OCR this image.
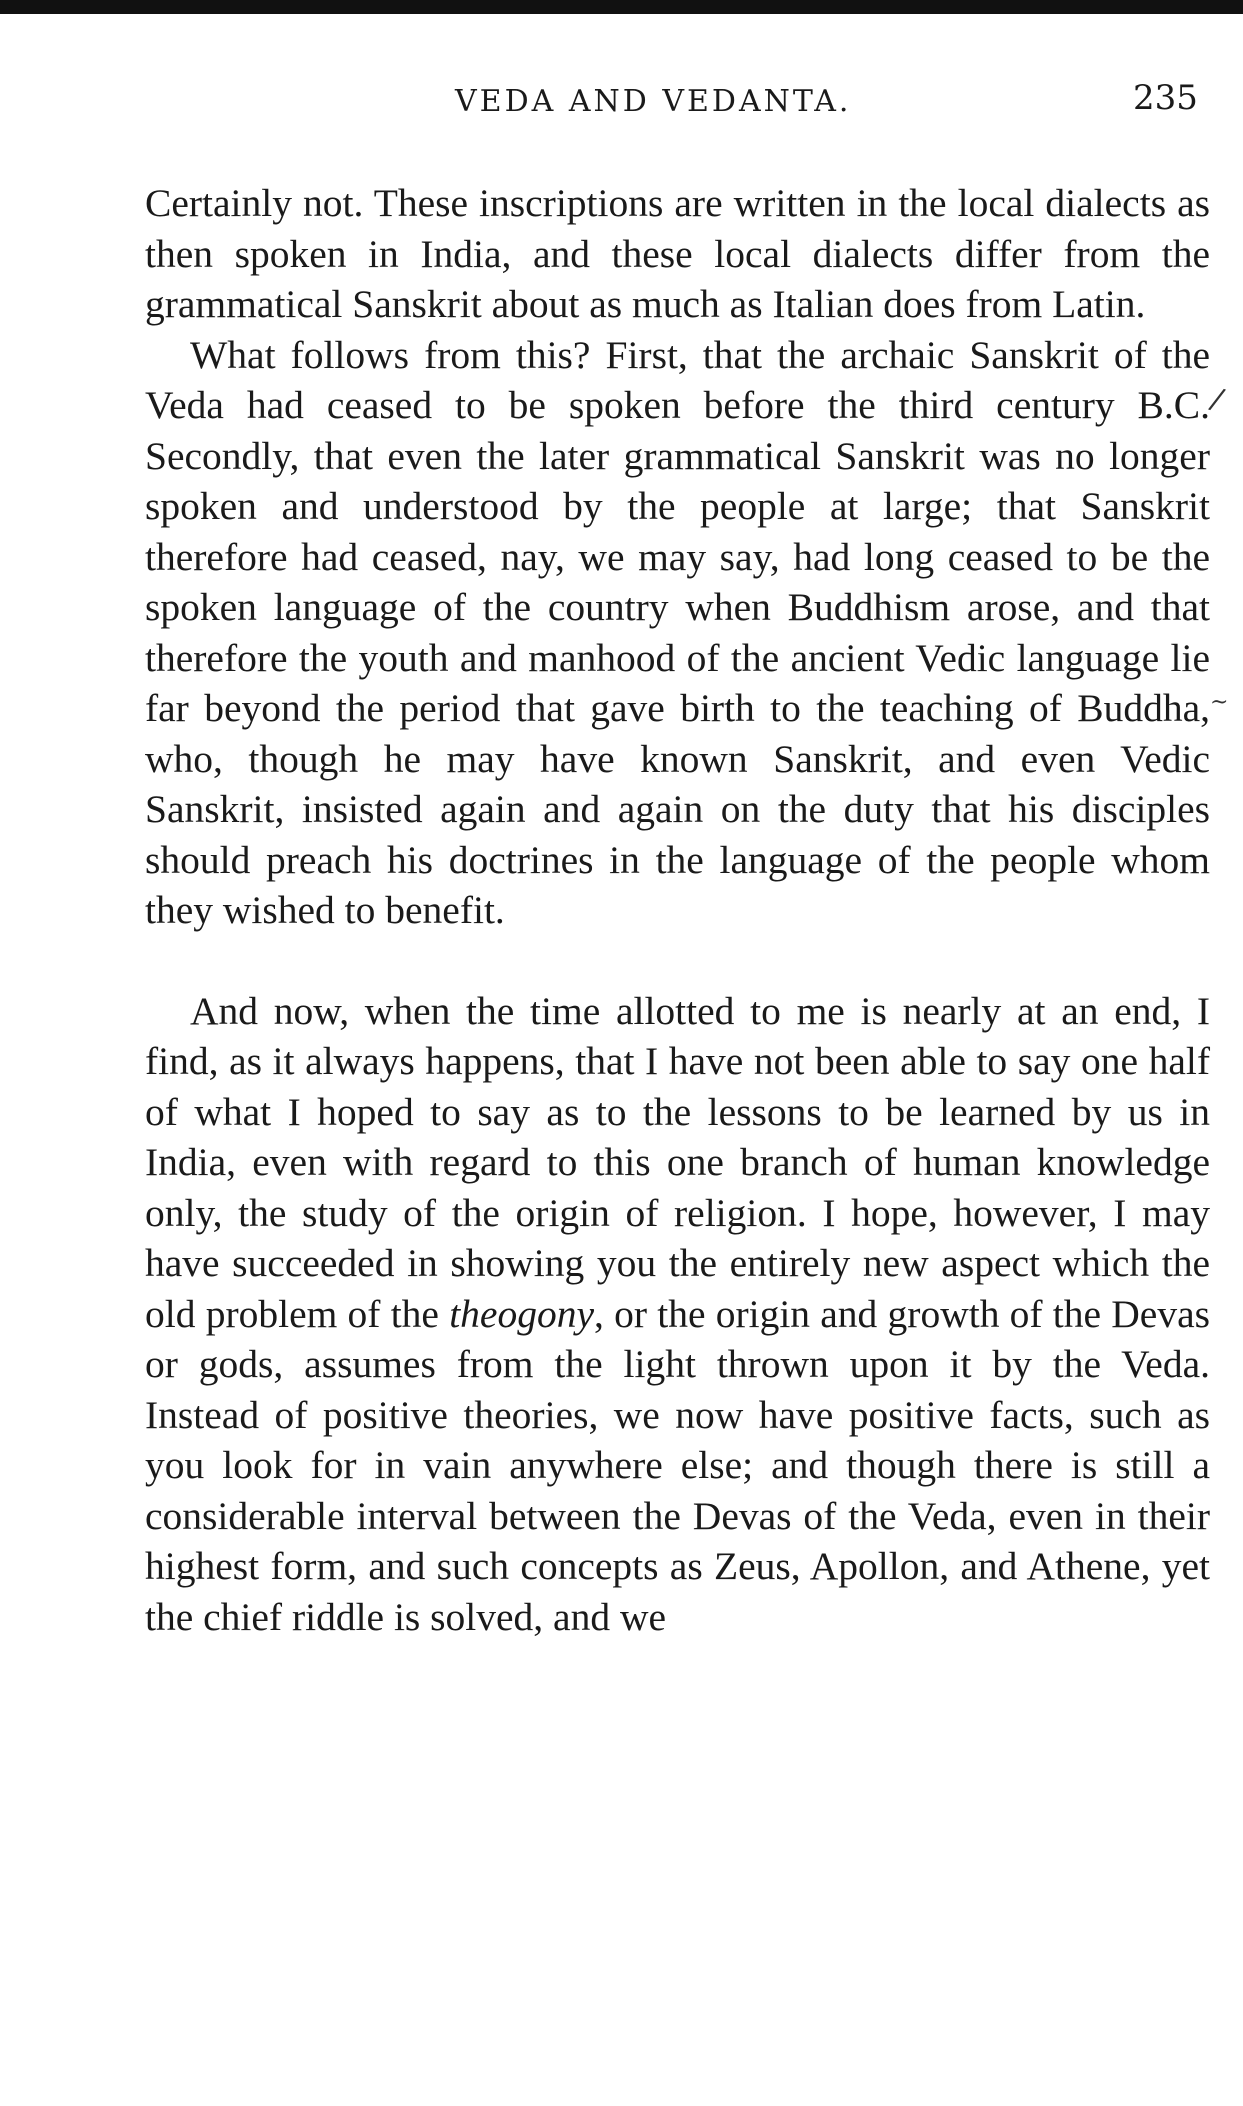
VEDA AND VEDANTA.	235
/
~

Certainly not. These inscriptions are written in the local dialects as then spoken in India, and these local dialects differ from the grammatical Sanskrit about as much as Italian does from Latin.

What follows from this? First, that the archaic Sanskrit of the Veda had ceased to be spoken before the third century B.C. Secondly, that even the later grammatical Sanskrit was no longer spoken and understood by the people at large; that Sanskrit therefore had ceased, nay, we may say, had long ceased to be the spoken language of the country when Buddhism arose, and that therefore the youth and manhood of the ancient Vedic language lie far beyond the period that gave birth to the teaching of Buddha, who, though he may have known Sanskrit, and even Vedic Sanskrit, insisted again and again on the duty that his disciples should preach his doctrines in the language of the people whom they wished to benefit.

And now, when the time allotted to me is nearly at an end, I find, as it always happens, that I have not been able to say one half of what I hoped to say as to the lessons to be learned by us in India, even with regard to this one branch of human knowledge only, the study of the origin of religion. I hope, however, I may have succeeded in showing you the entirely new aspect which the old problem of the theogony, or the origin and growth of the Devas or gods, assumes from the light thrown upon it by the Veda. Instead of positive theories, we now have positive facts, such as you look for in vain anywhere else; and though there is still a considerable interval between the Devas of the Veda, even in their highest form, and such concepts as Zeus, Apollon, and Athene, yet the chief riddle is solved, and we
